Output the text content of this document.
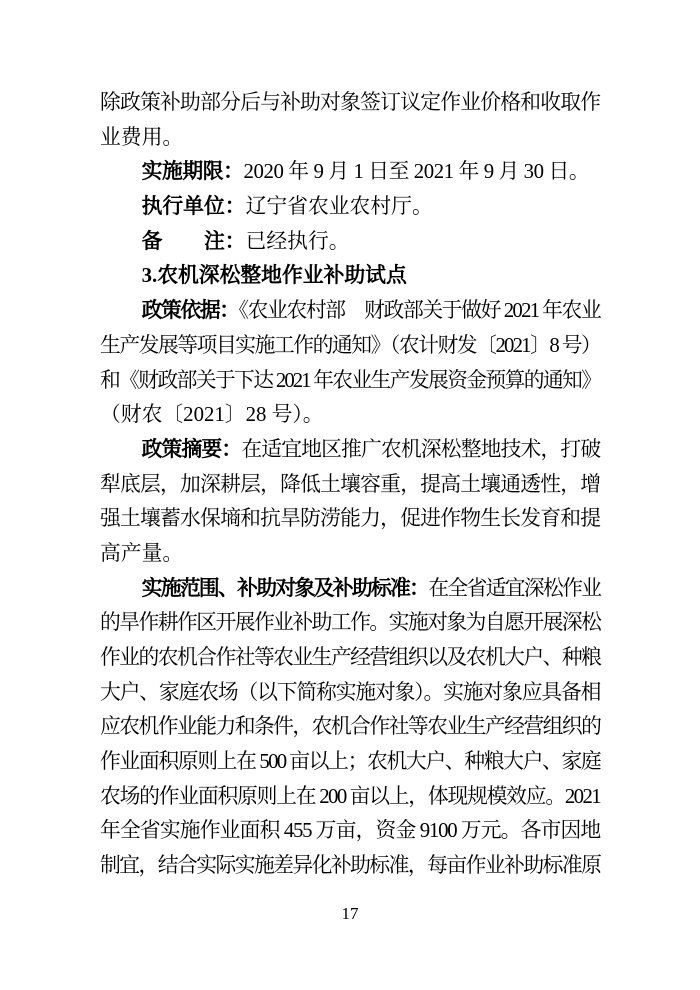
除政策补助部分后与补助对象签订议定作业价格和收取作
业费用。
实施期限：2020 年 9 月 1 日至 2021 年 9 月 30 日。
执行单位：辽宁省农业农村厅。
备　　注：已经执行。
3.农机深松整地作业补助试点
政策依据：《农业农村部　财政部关于做好 2021 年农业
生产发展等项目实施工作的通知》（农计财发〔2021〕8 号）
和《财政部关于下达 2021 年农业生产发展资金预算的通知》
（财农〔2021〕28 号）。
政策摘要：在适宜地区推广农机深松整地技术，打破
犁底层，加深耕层，降低土壤容重，提高土壤通透性，增
强土壤蓄水保墒和抗旱防涝能力，促进作物生长发育和提
高产量。
实施范围、补助对象及补助标准：在全省适宜深松作业
的旱作耕作区开展作业补助工作。实施对象为自愿开展深松
作业的农机合作社等农业生产经营组织以及农机大户、种粮
大户、家庭农场（以下简称实施对象）。实施对象应具备相
应农机作业能力和条件，农机合作社等农业生产经营组织的
作业面积原则上在 500 亩以上；农机大户、种粮大户、家庭
农场的作业面积原则上在 200 亩以上，体现规模效应。2021
年全省实施作业面积 455 万亩，资金 9100 万元。各市因地
制宜，结合实际实施差异化补助标准，每亩作业补助标准原
17
